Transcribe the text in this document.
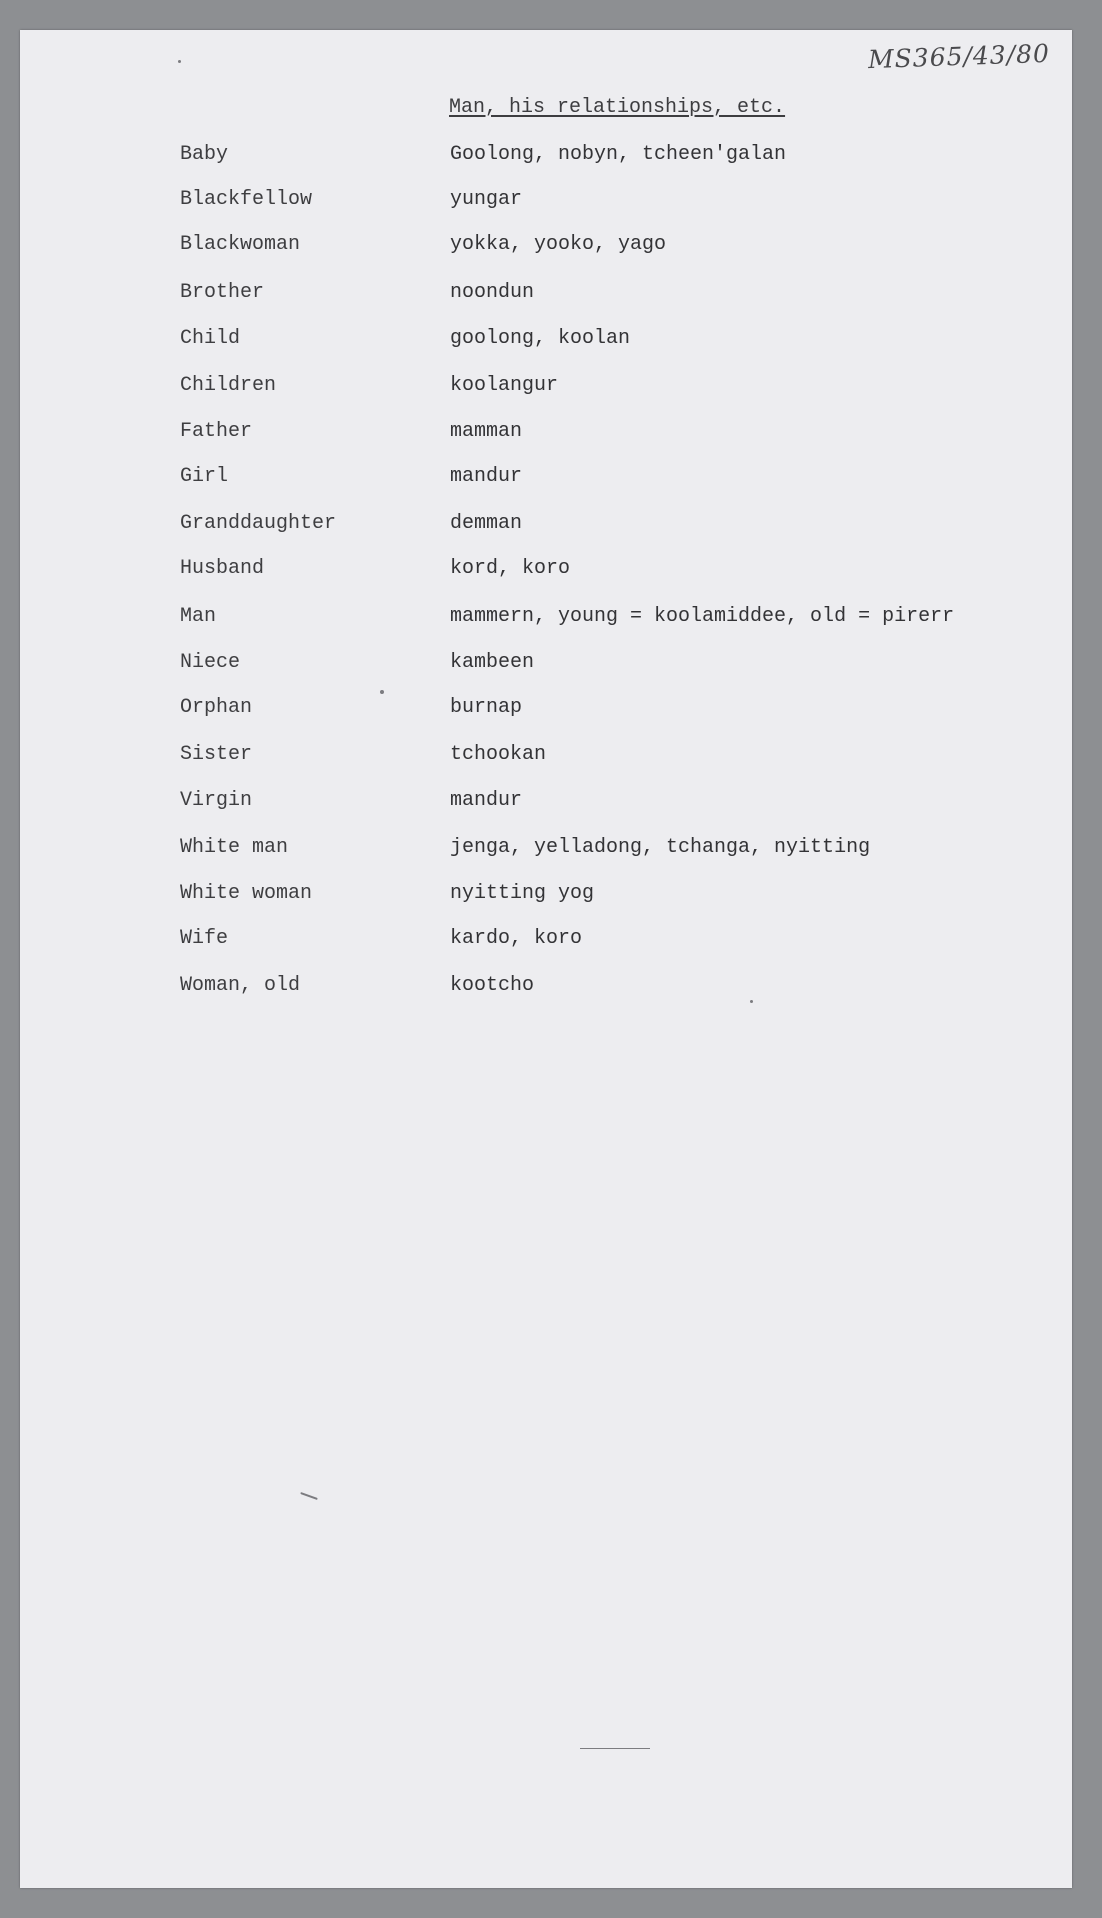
MS365/43/80
Man, his relationships, etc.
Baby	Goolong, nobyn, tcheen'galan
Blackfellow	yungar
Blackwoman	yokka, yooko, yago
Brother	noondun
Child	goolong, koolan
Children	koolangur
Father	mamman
Girl	mandur
Granddaughter	demman
Husband	kord, koro
Man	mammern, young = koolamiddee, old = pirerr
Niece	kambeen
Orphan	burnap
Sister	tchookan
Virgin	mandur
White man	jenga, yelladong, tchanga, nyitting
White woman	nyitting yog
Wife	kardo, koro
Woman, old	kootcho
